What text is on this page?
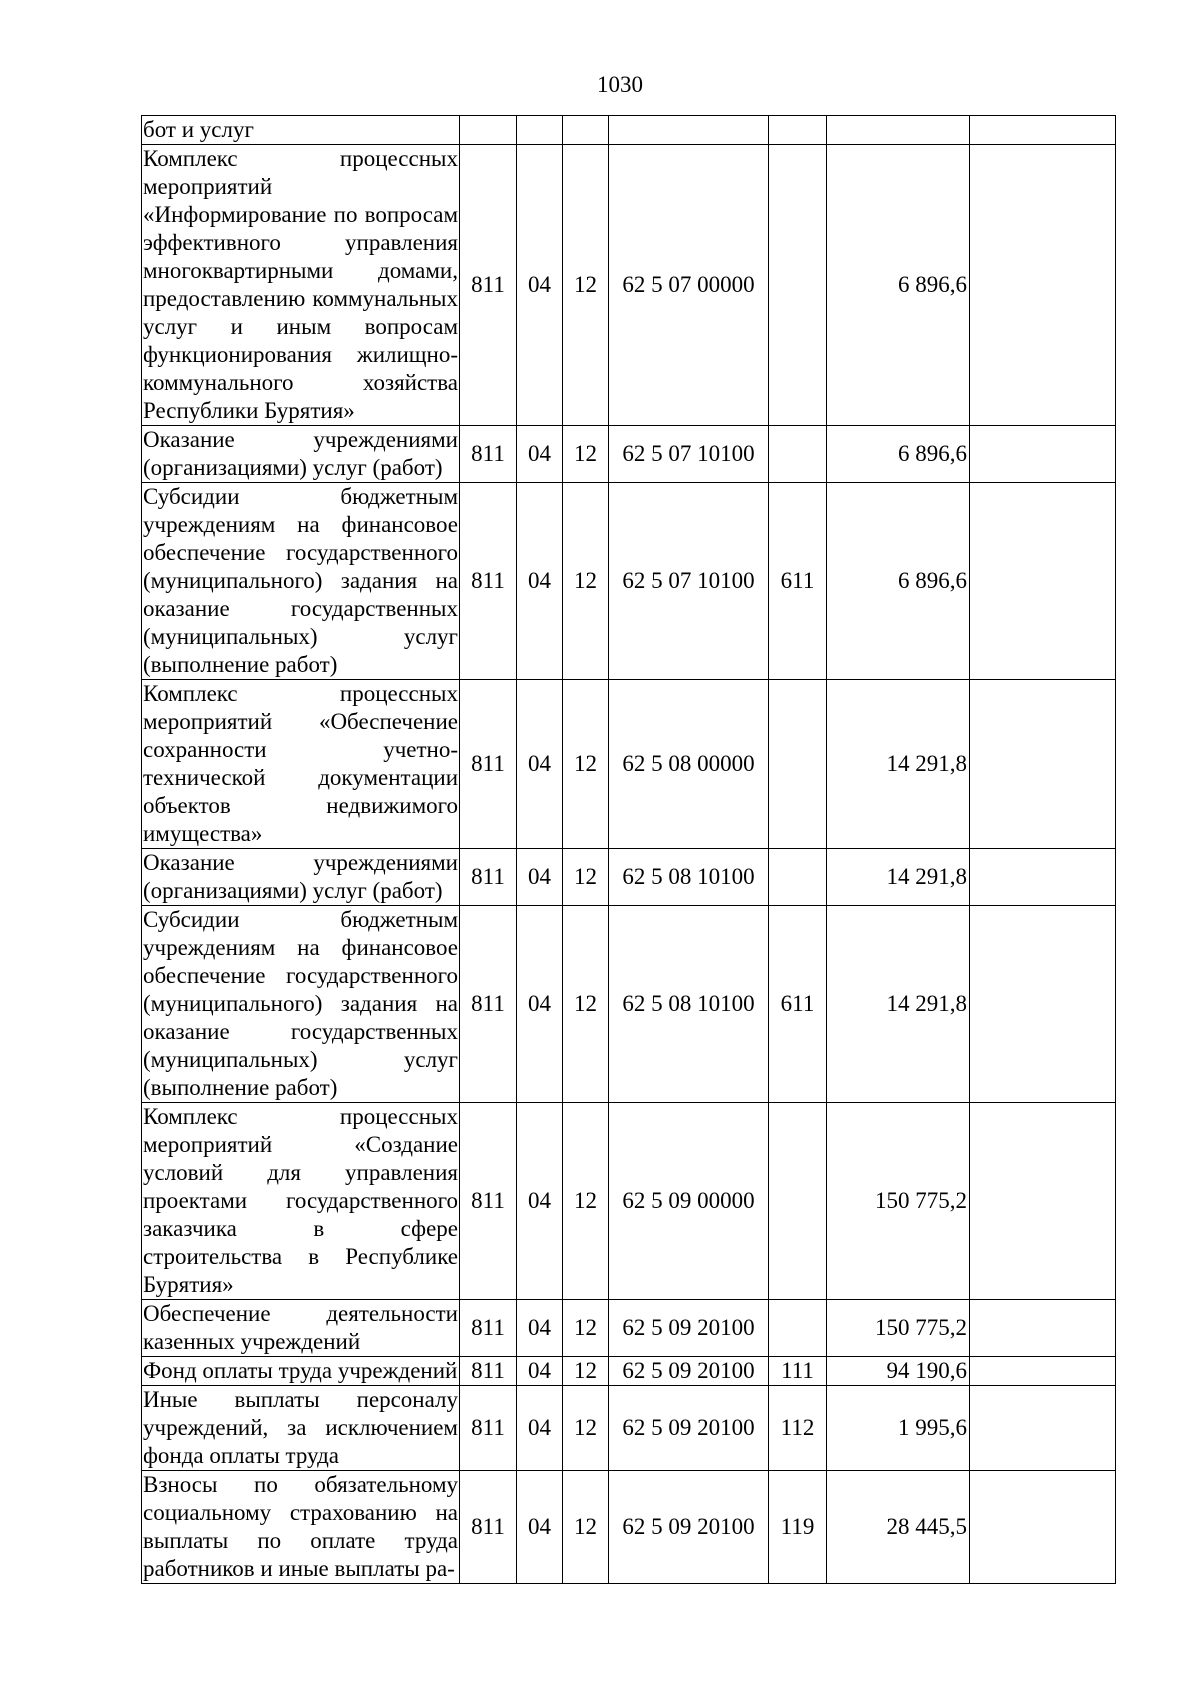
1030
бот и услуг							
Комплекс процессных мероприятий «Информирование по вопросам эффективного управления многоквартирными домами, предоставлению коммунальных услуг и иным вопросам функционирования жилищно-коммунального хозяйства Республики Бурятия»	811	04	12	62 5 07 00000		6 896,6	
Оказание учреждениями (организациями) услуг (работ)	811	04	12	62 5 07 10100		6 896,6	
Субсидии бюджетным учреждениям на финансовое обеспечение государственного (муниципального) задания на оказание государственных (муниципальных) услуг (выполнение работ)	811	04	12	62 5 07 10100	611	6 896,6	
Комплекс процессных мероприятий «Обеспечение сохранности учетно-технической документации объектов недвижимого имущества»	811	04	12	62 5 08 00000		14 291,8	
Оказание учреждениями (организациями) услуг (работ)	811	04	12	62 5 08 10100		14 291,8	
Субсидии бюджетным учреждениям на финансовое обеспечение государственного (муниципального) задания на оказание государственных (муниципальных) услуг (выполнение работ)	811	04	12	62 5 08 10100	611	14 291,8	
Комплекс процессных мероприятий «Создание условий для управления проектами государственного заказчика в сфере строительства в Республике Бурятия»	811	04	12	62 5 09 00000		150 775,2	
Обеспечение деятельности казенных учреждений	811	04	12	62 5 09 20100		150 775,2	
Фонд оплаты труда учреждений	811	04	12	62 5 09 20100	111	94 190,6	
Иные выплаты персоналу учреждений, за исключением фонда оплаты труда	811	04	12	62 5 09 20100	112	1 995,6	
Взносы по обязательному социальному страхованию на выплаты по оплате труда работников и иные выплаты ра-	811	04	12	62 5 09 20100	119	28 445,5	
